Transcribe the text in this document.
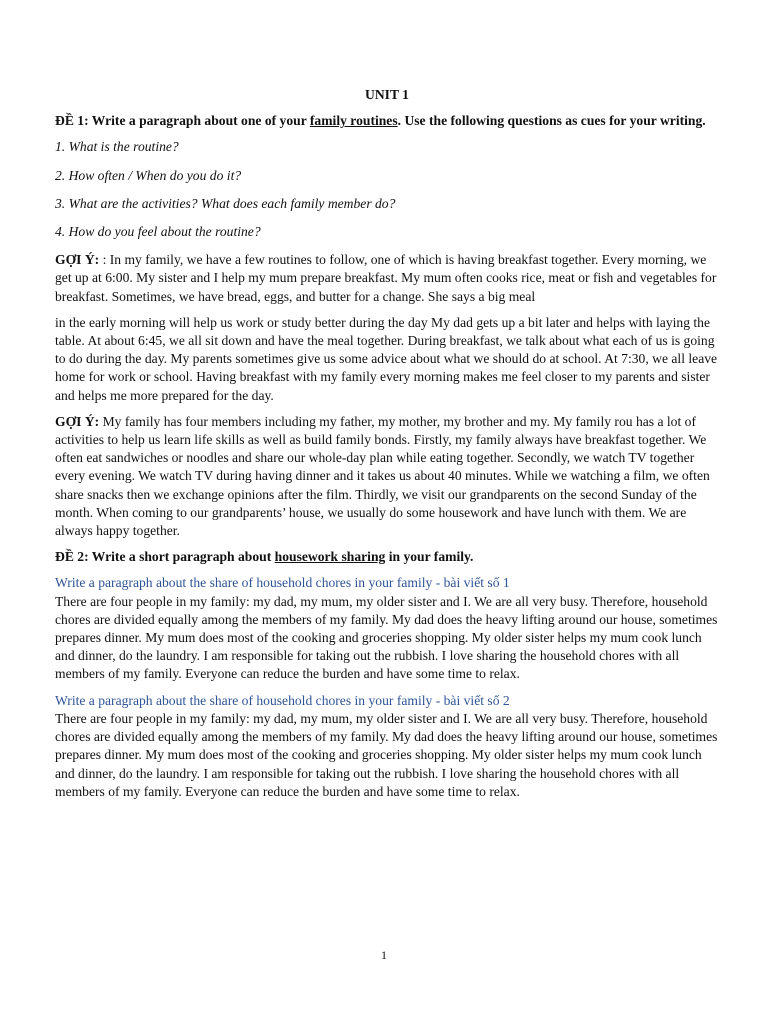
UNIT 1

ĐỀ 1: Write a paragraph about one of your family routines. Use the following questions as cues for your writing.

1. What is the routine?

2. How often / When do you do it?

3. What are the activities? What does each family member do?

4. How do you feel about the routine?

GỢI Ý: : In my family, we have a few routines to follow, one of which is having breakfast together. Every morning, we get up at 6:00. My sister and I help my mum prepare breakfast. My mum often cooks rice, meat or fish and vegetables for breakfast. Sometimes, we have bread, eggs, and butter for a change. She says a big meal

in the early morning will help us work or study better during the day My dad gets up a bit later and helps with laying the table. At about 6:45, we all sit down and have the meal together. During breakfast, we talk about what each of us is going to do during the day. My parents sometimes give us some advice about what we should do at school. At 7:30, we all leave home for work or school. Having breakfast with my family every morning makes me feel closer to my parents and sister and helps me more prepared for the day.

GỢI Ý: My family has four members including my father, my mother, my brother and my. My family rou has a lot of activities to help us learn life skills as well as build family bonds. Firstly, my family always have breakfast together. We often eat sandwiches or noodles and share our whole-day plan while eating together. Secondly, we watch TV together every evening. We watch TV during having dinner and it takes us about 40 minutes. While we watching a film, we often share snacks then we exchange opinions after the film. Thirdly, we visit our grandparents on the second Sunday of the month. When coming to our grandparents’ house, we usually do some housework and have lunch with them. We are always happy together.

ĐỀ 2: Write a short paragraph about housework sharing in your family.

Write a paragraph about the share of household chores in your family - bài viết số 1

There are four people in my family: my dad, my mum, my older sister and I. We are all very busy. Therefore, household chores are divided equally among the members of my family. My dad does the heavy lifting around our house, sometimes prepares dinner. My mum does most of the cooking and groceries shopping. My older sister helps my mum cook lunch and dinner, do the laundry. I am responsible for taking out the rubbish. I love sharing the household chores with all members of my family. Everyone can reduce the burden and have some time to relax.

Write a paragraph about the share of household chores in your family - bài viết số 2

There are four people in my family: my dad, my mum, my older sister and I. We are all very busy. Therefore, household chores are divided equally among the members of my family. My dad does the heavy lifting around our house, sometimes prepares dinner. My mum does most of the cooking and groceries shopping. My older sister helps my mum cook lunch and dinner, do the laundry. I am responsible for taking out the rubbish. I love sharing the household chores with all members of my family. Everyone can reduce the burden and have some time to relax.

1
